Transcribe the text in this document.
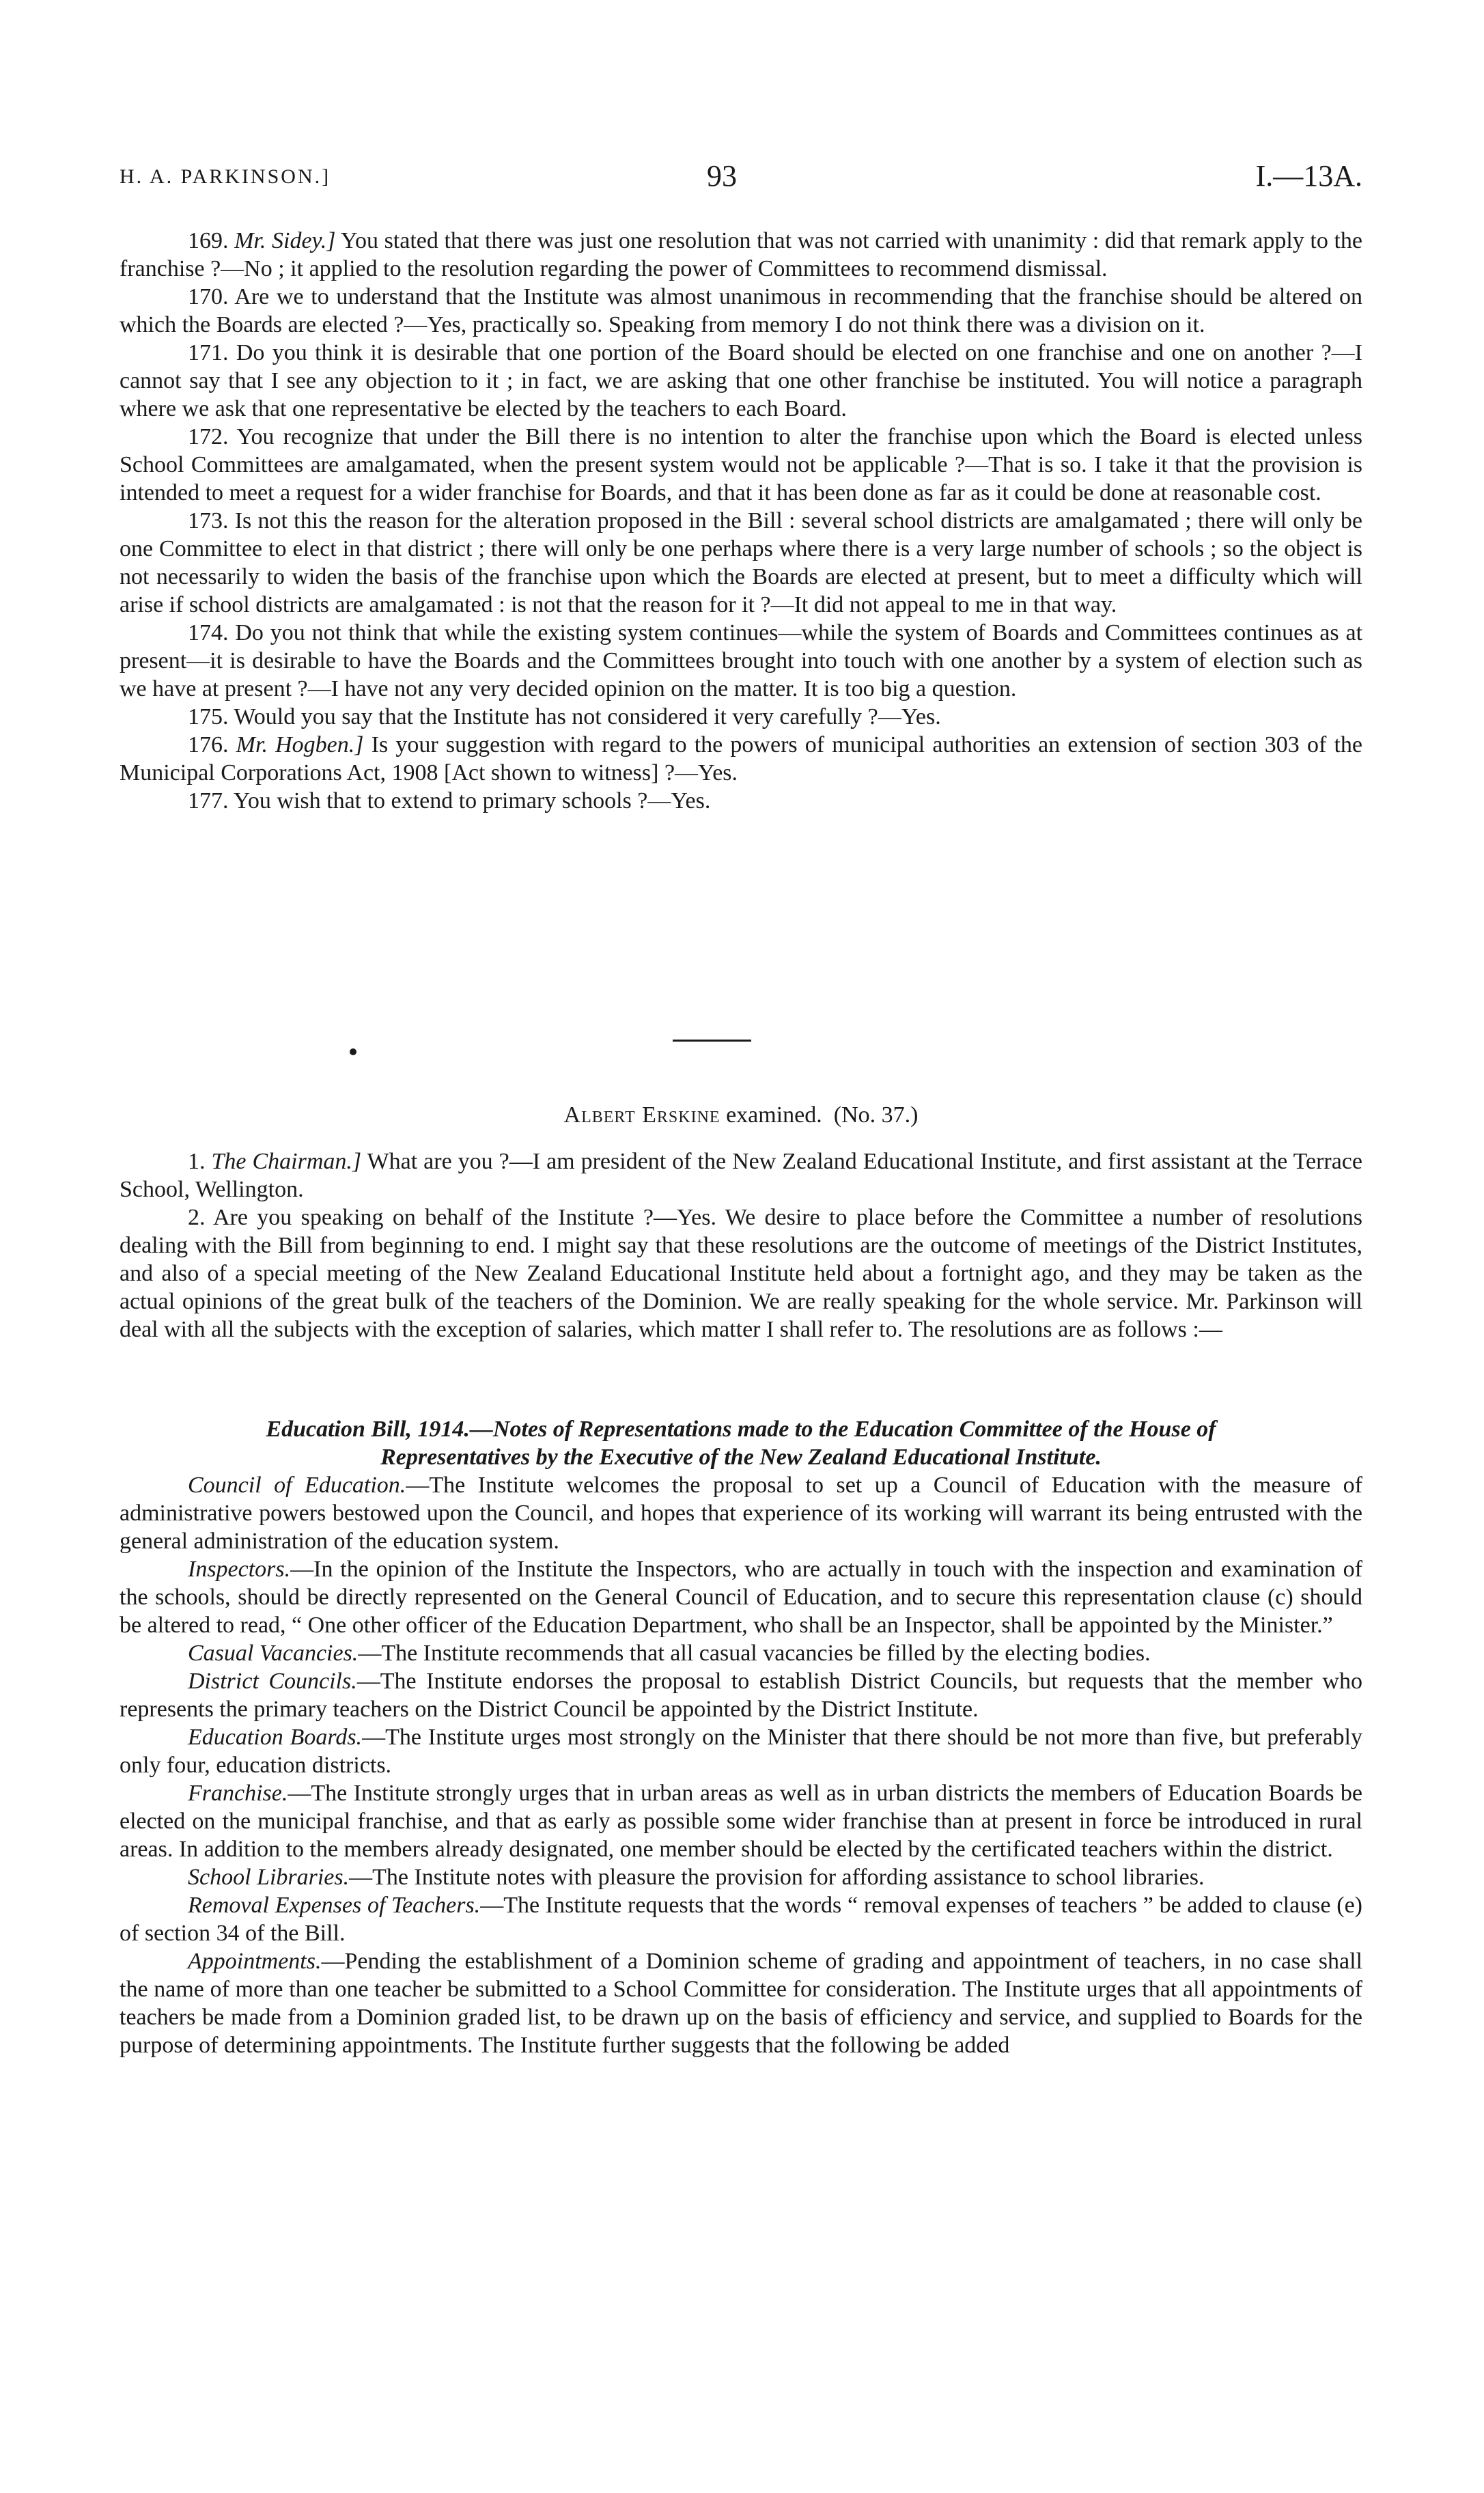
H. A. PARKINSON.]	93	I.—13A.

169. Mr. Sidey.] You stated that there was just one resolution that was not carried with unanimity : did that remark apply to the franchise ?—No ; it applied to the resolution regarding the power of Committees to recommend dismissal.

170. Are we to understand that the Institute was almost unanimous in recommending that the franchise should be altered on which the Boards are elected ?—Yes, practically so. Speaking from memory I do not think there was a division on it.

171. Do you think it is desirable that one portion of the Board should be elected on one franchise and one on another ?—I cannot say that I see any objection to it ; in fact, we are asking that one other franchise be instituted. You will notice a paragraph where we ask that one representative be elected by the teachers to each Board.

172. You recognize that under the Bill there is no intention to alter the franchise upon which the Board is elected unless School Committees are amalgamated, when the present system would not be applicable ?—That is so. I take it that the provision is intended to meet a request for a wider franchise for Boards, and that it has been done as far as it could be done at reasonable cost.

173. Is not this the reason for the alteration proposed in the Bill : several school districts are amalgamated ; there will only be one Committee to elect in that district ; there will only be one perhaps where there is a very large number of schools ; so the object is not necessarily to widen the basis of the franchise upon which the Boards are elected at present, but to meet a difficulty which will arise if school districts are amalgamated : is not that the reason for it ?—It did not appeal to me in that way.

174. Do you not think that while the existing system continues—while the system of Boards and Committees continues as at present—it is desirable to have the Boards and the Committees brought into touch with one another by a system of election such as we have at present ?—I have not any very decided opinion on the matter. It is too big a question.

175. Would you say that the Institute has not considered it very carefully ?—Yes.

176. Mr. Hogben.] Is your suggestion with regard to the powers of municipal authorities an extension of section 303 of the Municipal Corporations Act, 1908 [Act shown to witness] ?—Yes.

177. You wish that to extend to primary schools ?—Yes.

Albert Erskine examined. (No. 37.)

1. The Chairman.] What are you ?—I am president of the New Zealand Educational Institute, and first assistant at the Terrace School, Wellington.

2. Are you speaking on behalf of the Institute ?—Yes. We desire to place before the Committee a number of resolutions dealing with the Bill from beginning to end. I might say that these resolutions are the outcome of meetings of the District Institutes, and also of a special meeting of the New Zealand Educational Institute held about a fortnight ago, and they may be taken as the actual opinions of the great bulk of the teachers of the Dominion. We are really speaking for the whole service. Mr. Parkinson will deal with all the subjects with the exception of salaries, which matter I shall refer to. The resolutions are as follows :—

Education Bill, 1914.—Notes of Representations made to the Education Committee of the House of
Representatives by the Executive of the New Zealand Educational Institute.

Council of Education.—The Institute welcomes the proposal to set up a Council of Education with the measure of administrative powers bestowed upon the Council, and hopes that experience of its working will warrant its being entrusted with the general administration of the education system.

Inspectors.—In the opinion of the Institute the Inspectors, who are actually in touch with the inspection and examination of the schools, should be directly represented on the General Council of Education, and to secure this representation clause (c) should be altered to read, “ One other officer of the Education Department, who shall be an Inspector, shall be appointed by the Minister.”

Casual Vacancies.—The Institute recommends that all casual vacancies be filled by the electing bodies.

District Councils.—The Institute endorses the proposal to establish District Councils, but requests that the member who represents the primary teachers on the District Council be appointed by the District Institute.

Education Boards.—The Institute urges most strongly on the Minister that there should be not more than five, but preferably only four, education districts.

Franchise.—The Institute strongly urges that in urban areas as well as in urban districts the members of Education Boards be elected on the municipal franchise, and that as early as possible some wider franchise than at present in force be introduced in rural areas. In addition to the members already designated, one member should be elected by the certificated teachers within the district.

School Libraries.—The Institute notes with pleasure the provision for affording assistance to school libraries.

Removal Expenses of Teachers.—The Institute requests that the words “ removal expenses of teachers ” be added to clause (e) of section 34 of the Bill.

Appointments.—Pending the establishment of a Dominion scheme of grading and appointment of teachers, in no case shall the name of more than one teacher be submitted to a School Committee for consideration. The Institute urges that all appointments of teachers be made from a Dominion graded list, to be drawn up on the basis of efficiency and service, and supplied to Boards for the purpose of determining appointments. The Institute further suggests that the following be added
